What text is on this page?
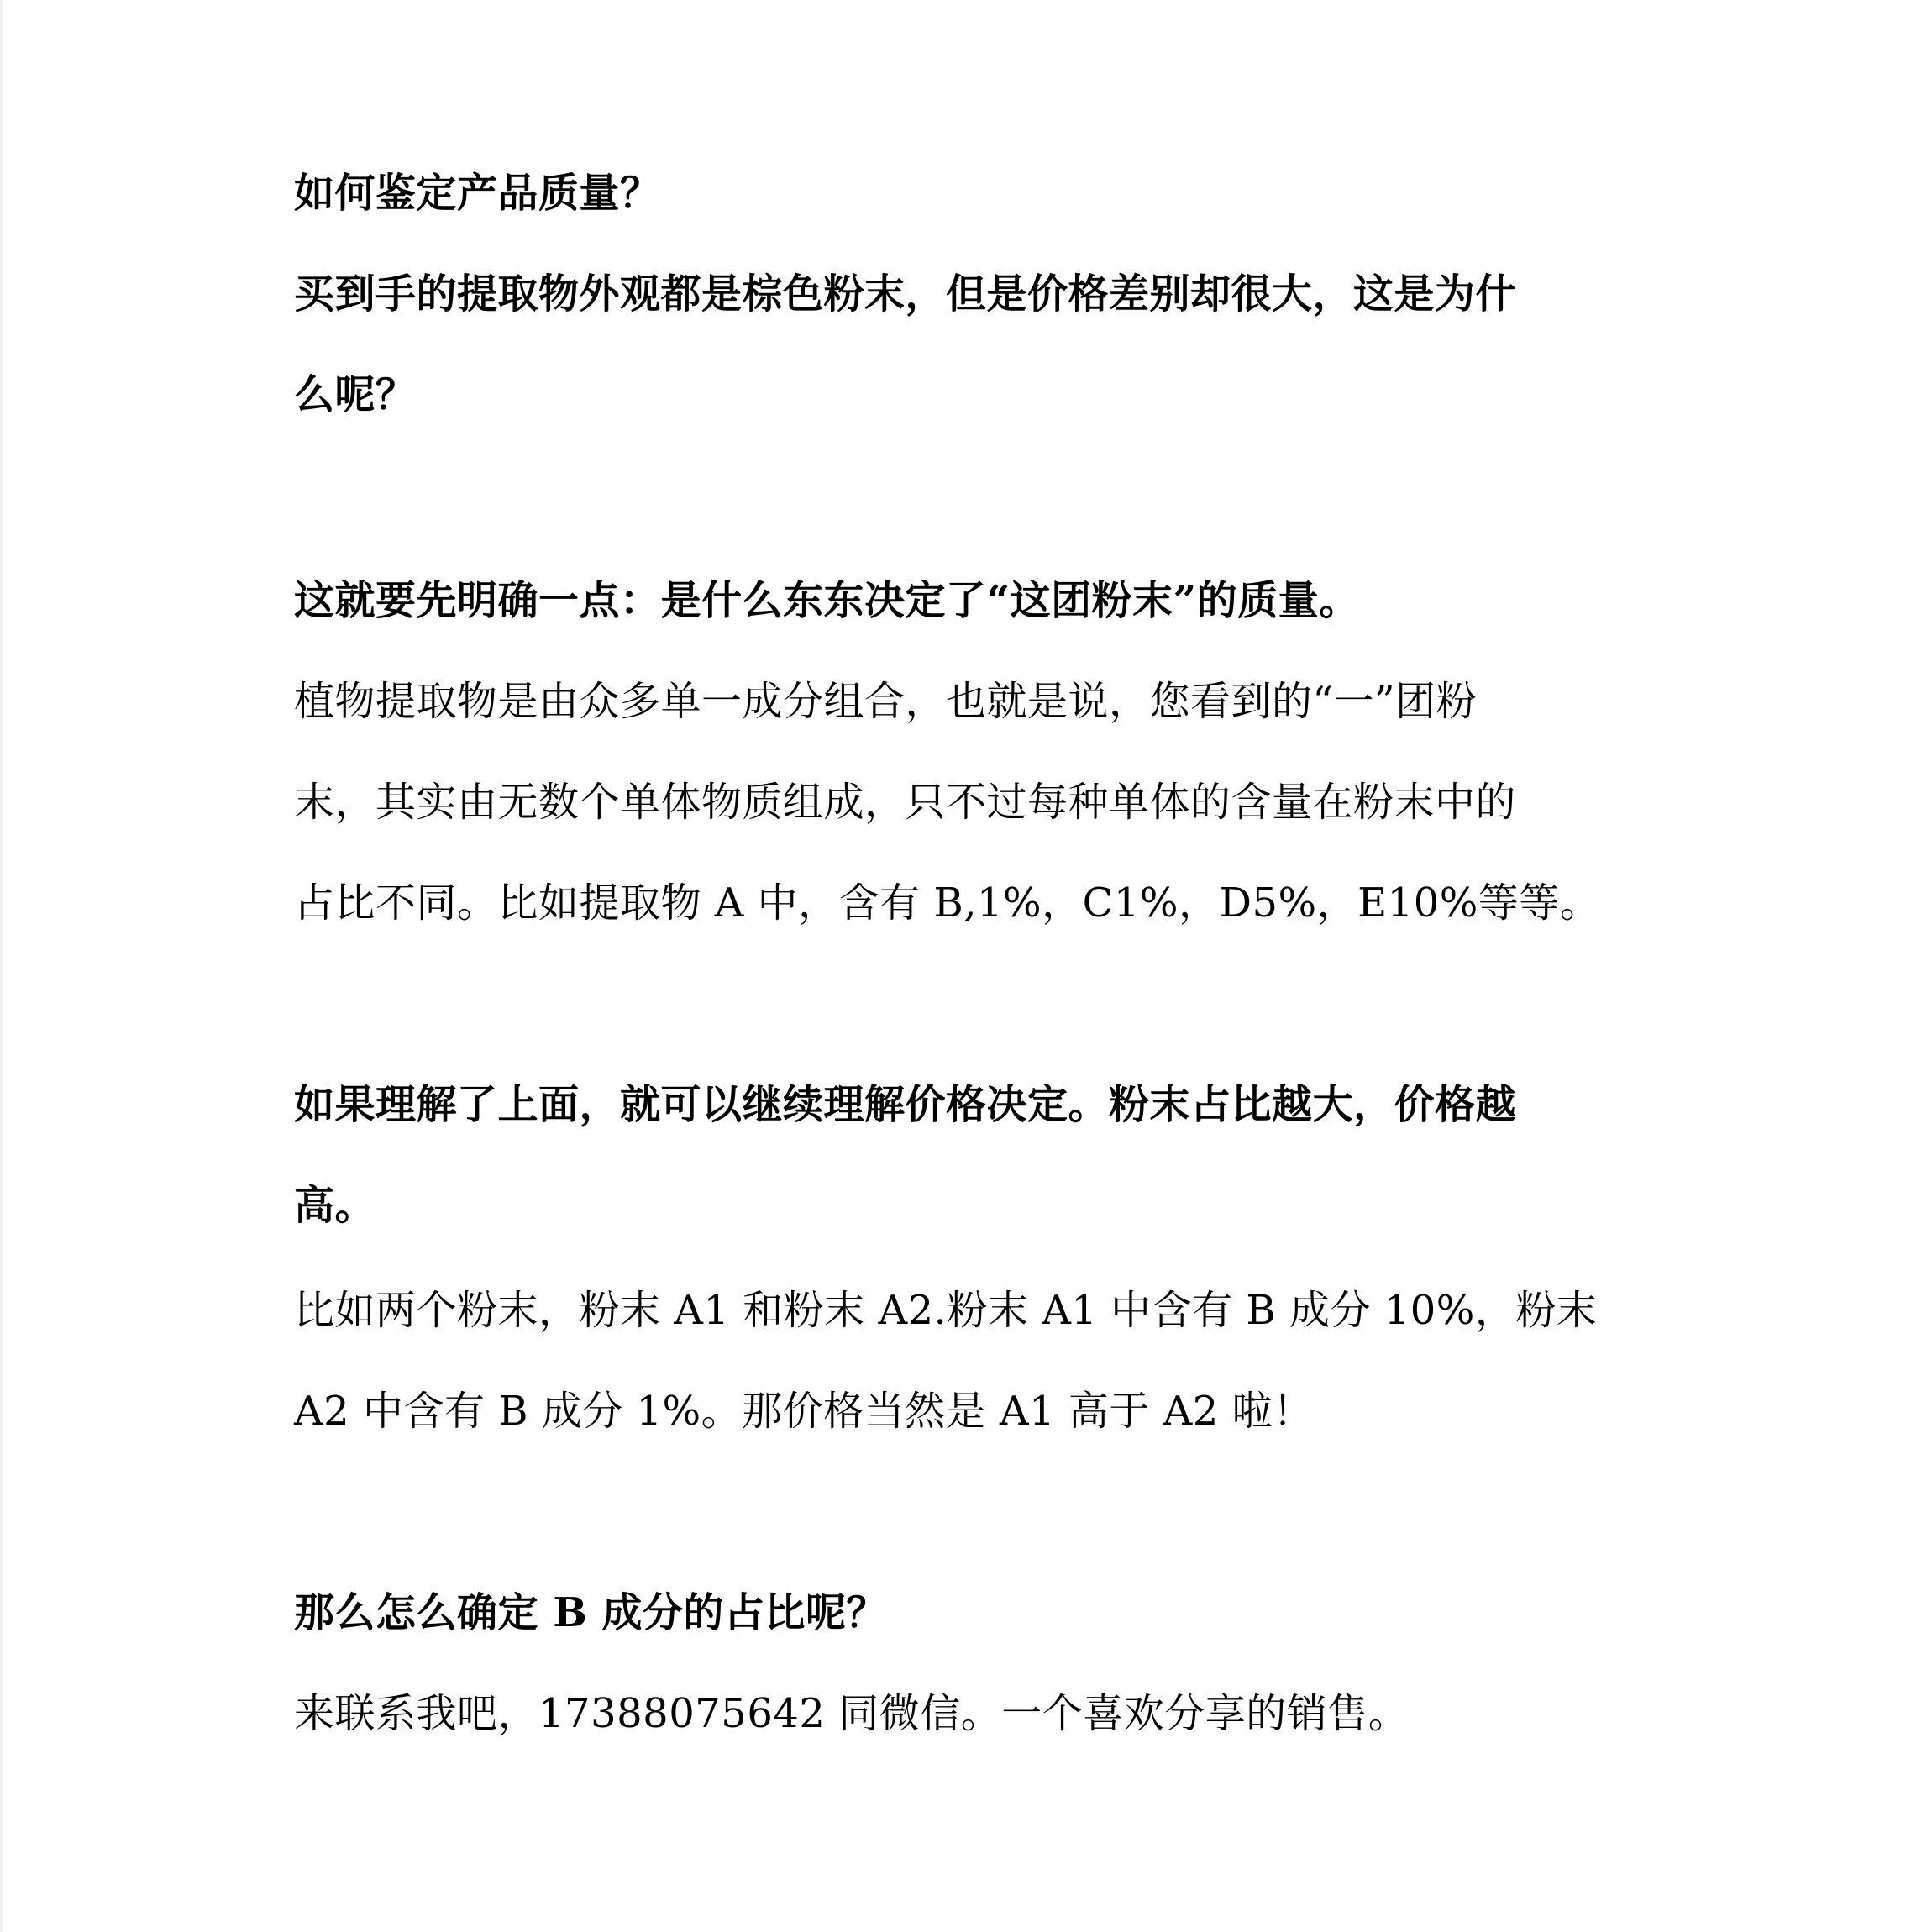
如何鉴定产品质量？
买到手的提取物外观都是棕色粉末，但是价格差别却很大，这是为什
么呢？
这就要先明确一点：是什么东东决定了“这团粉末”的质量。
植物提取物是由众多单一成分组合，也就是说，您看到的“一”团粉
末，其实由无数个单体物质组成，只不过每种单体的含量在粉末中的
占比不同。比如提取物 A 中，含有 B,1%，C1%，D5%，E10%等等。
如果理解了上面，就可以继续理解价格决定。粉末占比越大，价格越
高。
比如两个粉末，粉末 A1 和粉末 A2.粉末 A1 中含有 B 成分 10%，粉末
A2 中含有 B 成分 1%。那价格当然是 A1 高于 A2 啦！
那么怎么确定 B 成分的占比呢？
来联系我吧，17388075642 同微信。一个喜欢分享的销售。
